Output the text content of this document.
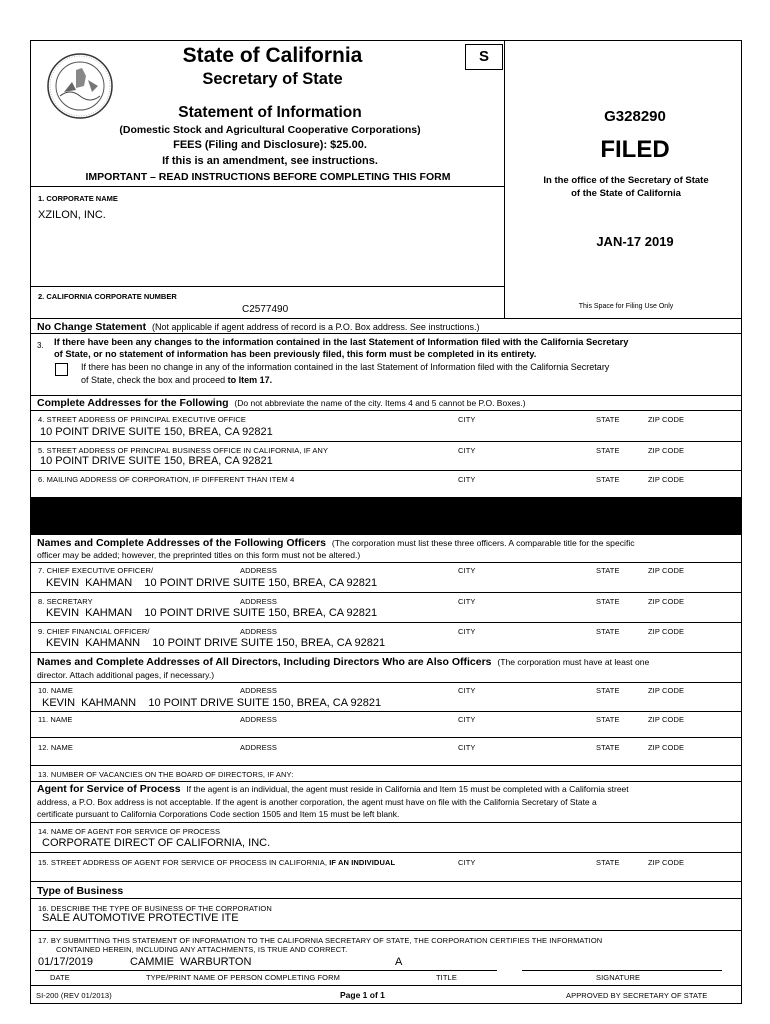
State of California	S
Secretary of State
Statement of Information
(Domestic Stock and Agricultural Cooperative Corporations)
FEES (Filing and Disclosure): $25.00.
If this is an amendment, see instructions.
IMPORTANT – READ INSTRUCTIONS BEFORE COMPLETING THIS FORM
G328290
FILED
In the office of the Secretary of State
of the State of California
JAN-17 2019
This Space for Filing Use Only
1. CORPORATE NAME
XZILON, INC.
2. CALIFORNIA CORPORATE NUMBER
C2577490
No Change Statement (Not applicable if agent address of record is a P.O. Box address. See instructions.)
3. If there have been any changes to the information contained in the last Statement of Information filed with the California Secretary
of State, or no statement of information has been previously filed, this form must be completed in its entirety.
If there has been no change in any of the information contained in the last Statement of Information filed with the California Secretary
of State, check the box and proceed to Item 17.
Complete Addresses for the Following (Do not abbreviate the name of the city. Items 4 and 5 cannot be P.O. Boxes.)
4. STREET ADDRESS OF PRINCIPAL EXECUTIVE OFFICE	CITY	STATE	ZIP CODE
10 POINT DRIVE SUITE 150, BREA, CA 92821
5. STREET ADDRESS OF PRINCIPAL BUSINESS OFFICE IN CALIFORNIA, IF ANY	CITY	STATE	ZIP CODE
10 POINT DRIVE SUITE 150, BREA, CA 92821
6. MAILING ADDRESS OF CORPORATION, IF DIFFERENT THAN ITEM 4	CITY	STATE	ZIP CODE
Names and Complete Addresses of the Following Officers (The corporation must list these three officers. A comparable title for the specific
officer may be added; however, the preprinted titles on this form must not be altered.)
7. CHIEF EXECUTIVE OFFICER/	ADDRESS	CITY	STATE	ZIP CODE
KEVIN  KAHMAN    10 POINT DRIVE SUITE 150, BREA, CA 92821
8. SECRETARY	ADDRESS	CITY	STATE	ZIP CODE
KEVIN  KAHMAN    10 POINT DRIVE SUITE 150, BREA, CA 92821
9. CHIEF FINANCIAL OFFICER/	ADDRESS	CITY	STATE	ZIP CODE
KEVIN  KAHMANN    10 POINT DRIVE SUITE 150, BREA, CA 92821
Names and Complete Addresses of All Directors, Including Directors Who are Also Officers (The corporation must have at least one
director. Attach additional pages, if necessary.)
10. NAME	ADDRESS	CITY	STATE	ZIP CODE
KEVIN  KAHMANN    10 POINT DRIVE SUITE 150, BREA, CA 92821
11. NAME	ADDRESS	CITY	STATE	ZIP CODE
12. NAME	ADDRESS	CITY	STATE	ZIP CODE
13. NUMBER OF VACANCIES ON THE BOARD OF DIRECTORS, IF ANY:
Agent for Service of Process If the agent is an individual, the agent must reside in California and Item 15 must be completed with a California street
address, a P.O. Box address is not acceptable. If the agent is another corporation, the agent must have on file with the California Secretary of State a
certificate pursuant to California Corporations Code section 1505 and Item 15 must be left blank.
14. NAME OF AGENT FOR SERVICE OF PROCESS
CORPORATE DIRECT OF CALIFORNIA, INC.
15. STREET ADDRESS OF AGENT FOR SERVICE OF PROCESS IN CALIFORNIA, IF AN INDIVIDUAL	CITY	STATE	ZIP CODE
Type of Business
16. DESCRIBE THE TYPE OF BUSINESS OF THE CORPORATION
SALE AUTOMOTIVE PROTECTIVE ITE
17. BY SUBMITTING THIS STATEMENT OF INFORMATION TO THE CALIFORNIA SECRETARY OF STATE, THE CORPORATION CERTIFIES THE INFORMATION
CONTAINED HEREIN, INCLUDING ANY ATTACHMENTS, IS TRUE AND CORRECT.
01/17/2019	CAMMIE  WARBURTON	A
DATE	TYPE/PRINT NAME OF PERSON COMPLETING FORM	TITLE	SIGNATURE
SI-200 (REV 01/2013)	Page 1 of 1	APPROVED BY SECRETARY OF STATE
